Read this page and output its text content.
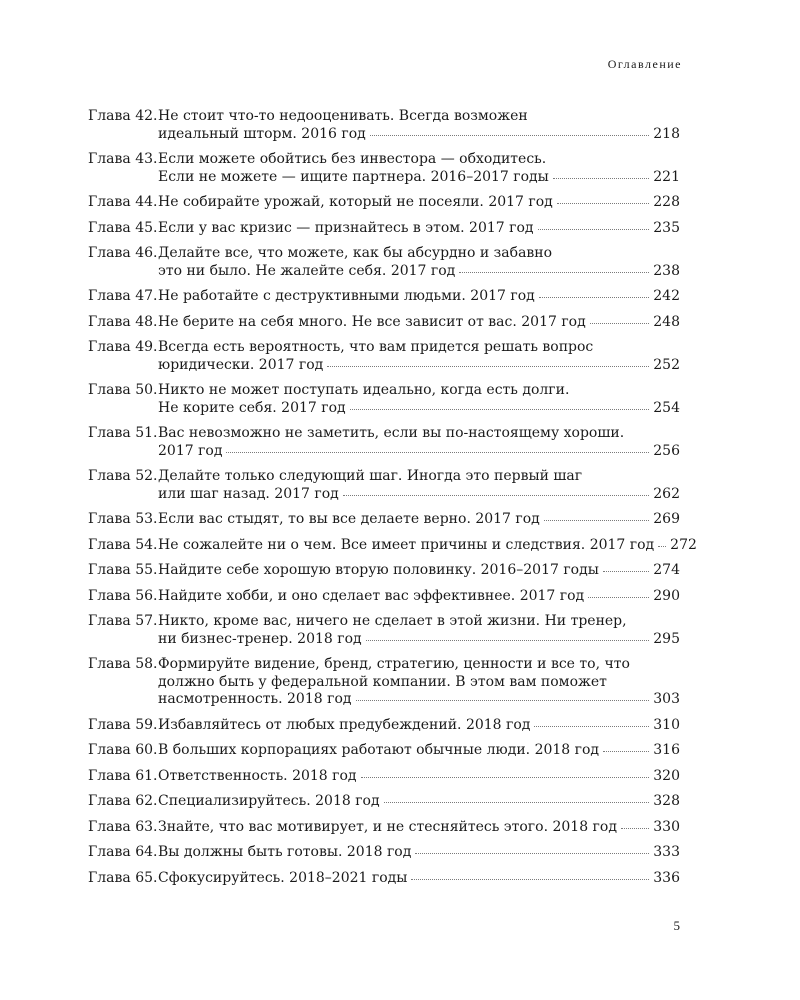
Оглавление
Глава 42. Не стоит что-то недооценивать. Всегда возможен
идеальный шторм. 2016 год	218
Глава 43. Если можете обойтись без инвестора — обходитесь.
Если не можете — ищите партнера. 2016–2017 годы	221
Глава 44. Не собирайте урожай, который не посеяли. 2017 год	228
Глава 45. Если у вас кризис — признайтесь в этом. 2017 год	235
Глава 46. Делайте все, что можете, как бы абсурдно и забавно
это ни было. Не жалейте себя. 2017 год	238
Глава 47. Не работайте с деструктивными людьми. 2017 год	242
Глава 48. Не берите на себя много. Не все зависит от вас. 2017 год	248
Глава 49. Всегда есть вероятность, что вам придется решать вопрос
юридически. 2017 год	252
Глава 50. Никто не может поступать идеально, когда есть долги.
Не корите себя. 2017 год	254
Глава 51. Вас невозможно не заметить, если вы по-настоящему хороши.
2017 год	256
Глава 52. Делайте только следующий шаг. Иногда это первый шаг
или шаг назад. 2017 год	262
Глава 53. Если вас стыдят, то вы все делаете верно. 2017 год	269
Глава 54. Не сожалейте ни о чем. Все имеет причины и следствия. 2017 год 272
Глава 55. Найдите себе хорошую вторую половинку. 2016–2017 годы	274
Глава 56. Найдите хобби, и оно сделает вас эффективнее. 2017 год	290
Глава 57. Никто, кроме вас, ничего не сделает в этой жизни. Ни тренер,
ни бизнес-тренер. 2018 год	295
Глава 58. Формируйте видение, бренд, стратегию, ценности и все то, что
должно быть у федеральной компании. В этом вам поможет
насмотренность. 2018 год	303
Глава 59. Избавляйтесь от любых предубеждений. 2018 год	310
Глава 60. В больших корпорациях работают обычные люди. 2018 год	316
Глава 61. Ответственность. 2018 год	320
Глава 62. Специализируйтесь. 2018 год	328
Глава 63. Знайте, что вас мотивирует, и не стесняйтесь этого. 2018 год	330
Глава 64. Вы должны быть готовы. 2018 год	333
Глава 65. Сфокусируйтесь. 2018–2021 годы	336
5
